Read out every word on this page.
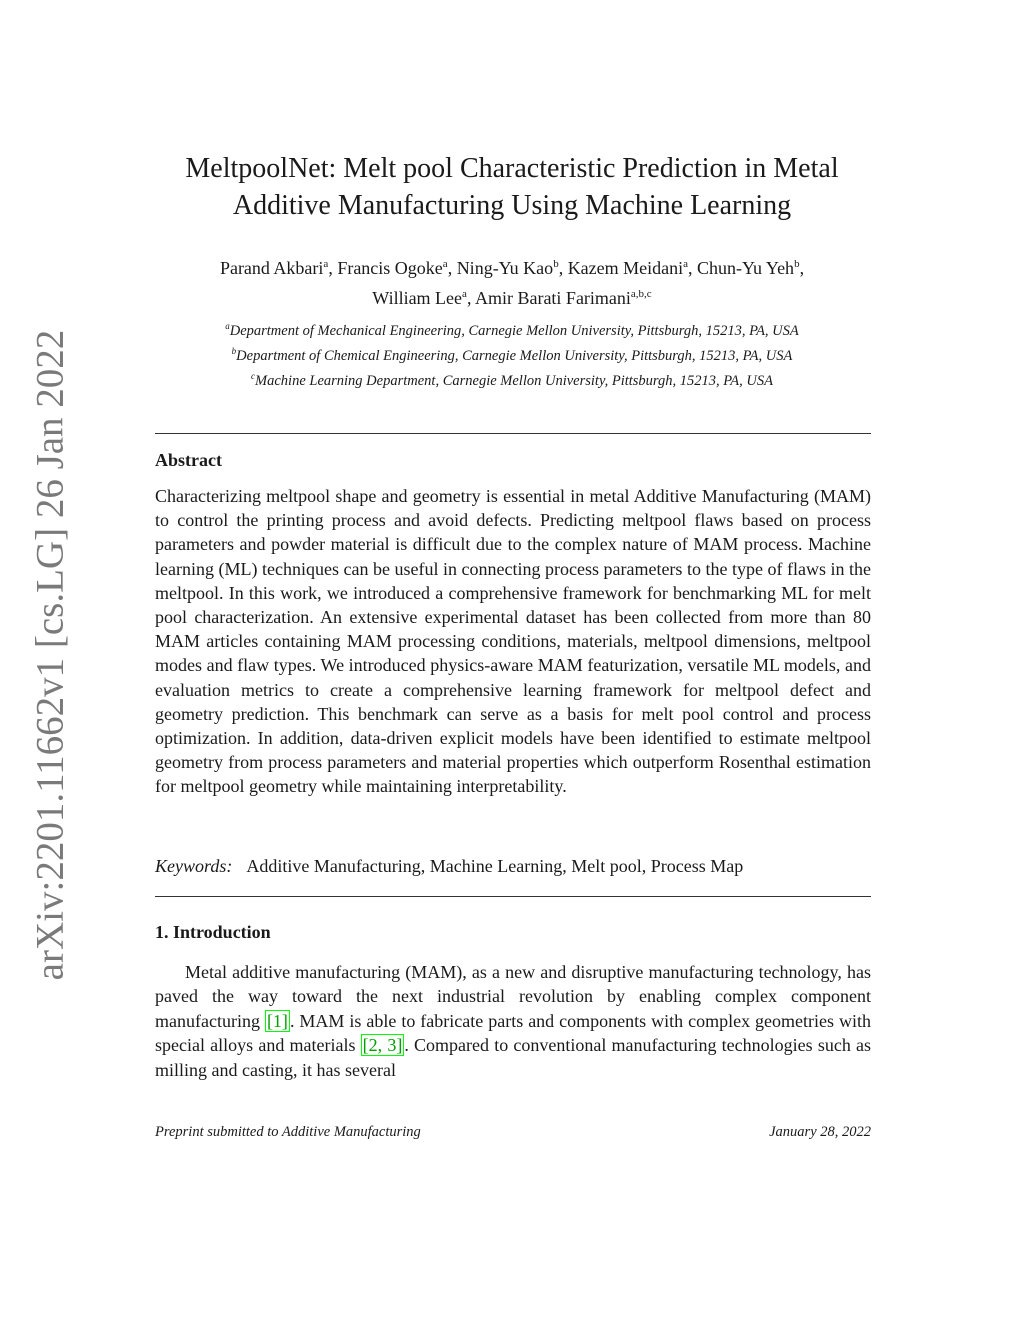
arXiv:2201.11662v1 [cs.LG] 26 Jan 2022
MeltpoolNet: Melt pool Characteristic Prediction in Metal
Additive Manufacturing Using Machine Learning
Parand Akbari$^a$, Francis Ogoke$^a$, Ning-Yu Kao$^b$, Kazem Meidani$^a$, Chun-Yu Yeh$^b$,
William Lee$^a$, Amir Barati Farimani$^{a,b,c}$
$^a$Department of Mechanical Engineering, Carnegie Mellon University, Pittsburgh, 15213, PA, USA
$^b$Department of Chemical Engineering, Carnegie Mellon University, Pittsburgh, 15213, PA, USA
$^c$Machine Learning Department, Carnegie Mellon University, Pittsburgh, 15213, PA, USA
Abstract
Characterizing meltpool shape and geometry is essential in metal Additive Manufacturing (MAM) to control the printing process and avoid defects. Predicting meltpool flaws based on process parameters and powder material is difficult due to the complex nature of MAM process. Machine learning (ML) techniques can be useful in connecting process parameters to the type of flaws in the meltpool. In this work, we introduced a comprehensive framework for benchmarking ML for melt pool characterization. An extensive experimental dataset has been collected from more than 80 MAM articles containing MAM processing conditions, materials, meltpool dimensions, meltpool modes and flaw types. We introduced physics-aware MAM featurization, versatile ML models, and evaluation metrics to create a comprehensive learning framework for meltpool defect and geometry prediction. This benchmark can serve as a basis for melt pool control and process optimization. In addition, data-driven explicit models have been identified to estimate meltpool geometry from process parameters and material properties which outperform Rosenthal estimation for meltpool geometry while maintaining interpretability.
Keywords: Additive Manufacturing, Machine Learning, Melt pool, Process Map
1. Introduction
Metal additive manufacturing (MAM), as a new and disruptive manufacturing technology, has paved the way toward the next industrial revolution by enabling complex component manufacturing [1] . MAM is able to fabricate parts and components with complex geometries with special alloys and materials [2, 3] . Compared to conventional manufacturing technologies such as milling and casting, it has several
Preprint submitted to Additive Manufacturing	January 28, 2022
